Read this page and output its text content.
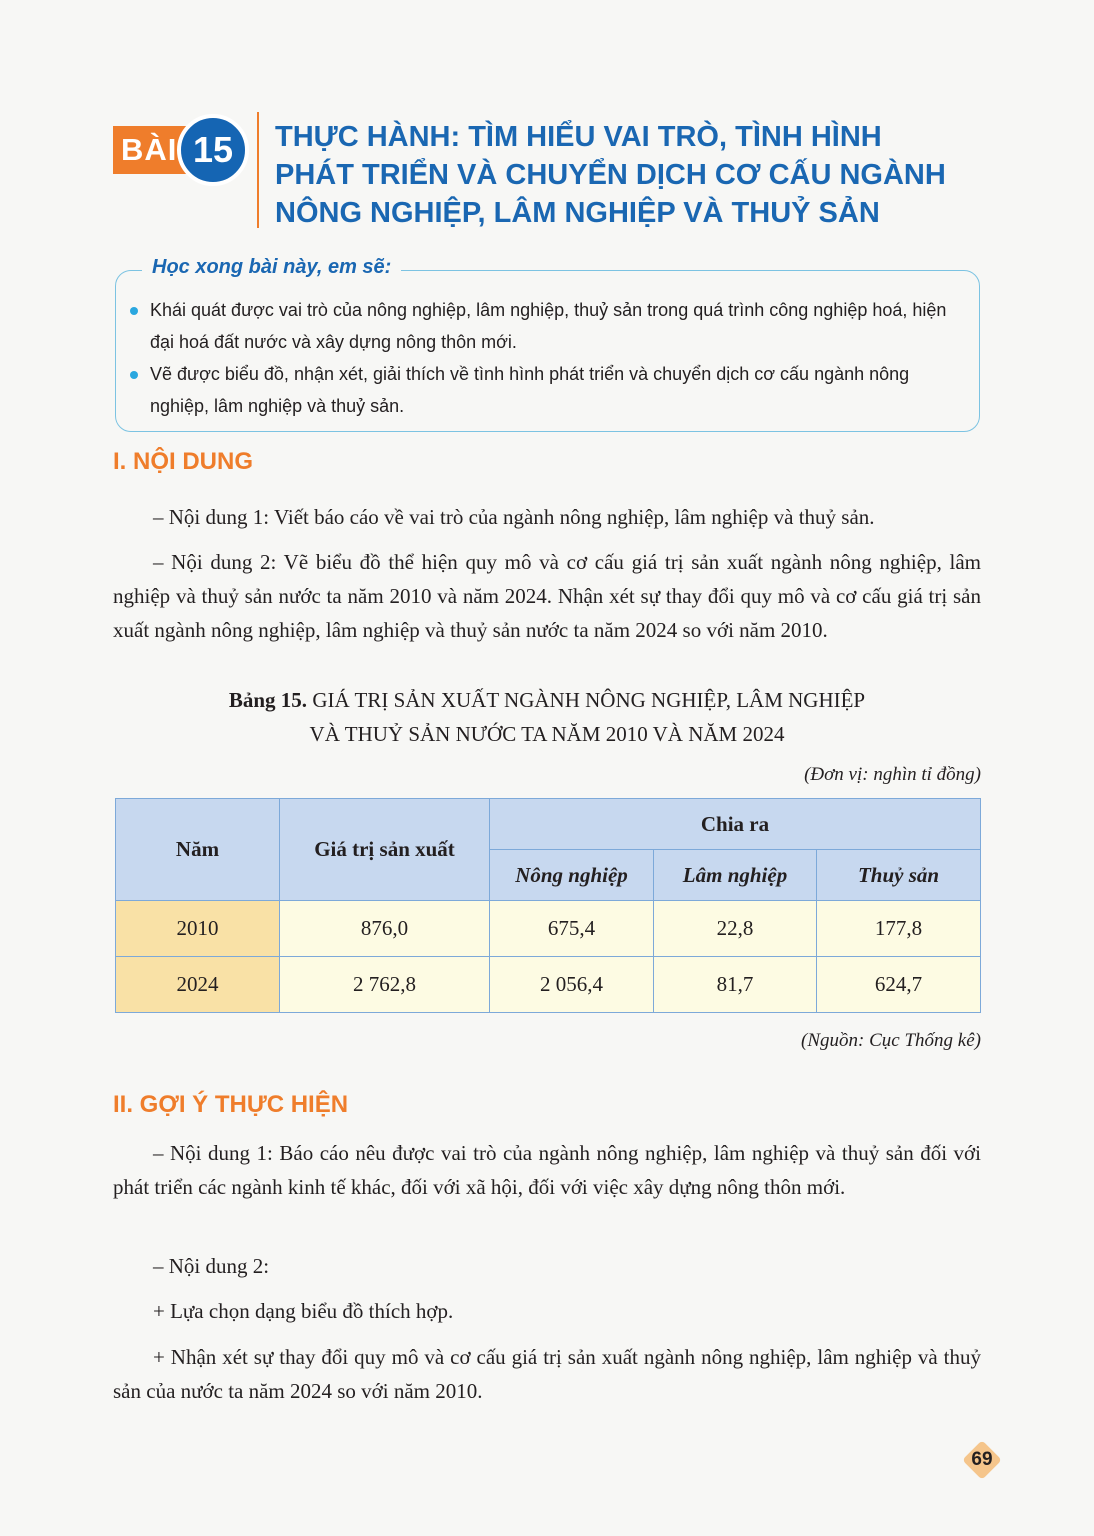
BÀI 15	THỰC HÀNH: TÌM HIỂU VAI TRÒ, TÌNH HÌNH
PHÁT TRIỂN VÀ CHUYỂN DỊCH CƠ CẤU NGÀNH
NÔNG NGHIỆP, LÂM NGHIỆP VÀ THUỶ SẢN
Học xong bài này, em sẽ:
Khái quát được vai trò của nông nghiệp, lâm nghiệp, thuỷ sản trong quá trình công nghiệp hoá, hiện đại hoá đất nước và xây dựng nông thôn mới.
Vẽ được biểu đồ, nhận xét, giải thích về tình hình phát triển và chuyển dịch cơ cấu ngành nông nghiệp, lâm nghiệp và thuỷ sản.
I. NỘI DUNG

– Nội dung 1: Viết báo cáo về vai trò của ngành nông nghiệp, lâm nghiệp và thuỷ sản.

– Nội dung 2: Vẽ biểu đồ thể hiện quy mô và cơ cấu giá trị sản xuất ngành nông nghiệp, lâm nghiệp và thuỷ sản nước ta năm 2010 và năm 2024. Nhận xét sự thay đổi quy mô và cơ cấu giá trị sản xuất ngành nông nghiệp, lâm nghiệp và thuỷ sản nước ta năm 2024 so với năm 2010.

Bảng 15. GIÁ TRỊ SẢN XUẤT NGÀNH NÔNG NGHIỆP, LÂM NGHIỆP
VÀ THUỶ SẢN NƯỚC TA NĂM 2010 VÀ NĂM 2024
(Đơn vị: nghìn tỉ đồng)
Năm	Giá trị sản xuất	Chia ra		
		Nông nghiệp	Lâm nghiệp	Thuỷ sản
2010	876,0	675,4	22,8	177,8
2024	2 762,8	2 056,4	81,7	624,7
(Nguồn: Cục Thống kê)
II. GỢI Ý THỰC HIỆN

– Nội dung 1: Báo cáo nêu được vai trò của ngành nông nghiệp, lâm nghiệp và thuỷ sản đối với phát triển các ngành kinh tế khác, đối với xã hội, đối với việc xây dựng nông thôn mới.

– Nội dung 2:

+ Lựa chọn dạng biểu đồ thích hợp.

+ Nhận xét sự thay đổi quy mô và cơ cấu giá trị sản xuất ngành nông nghiệp, lâm nghiệp và thuỷ sản của nước ta năm 2024 so với năm 2010.

69
